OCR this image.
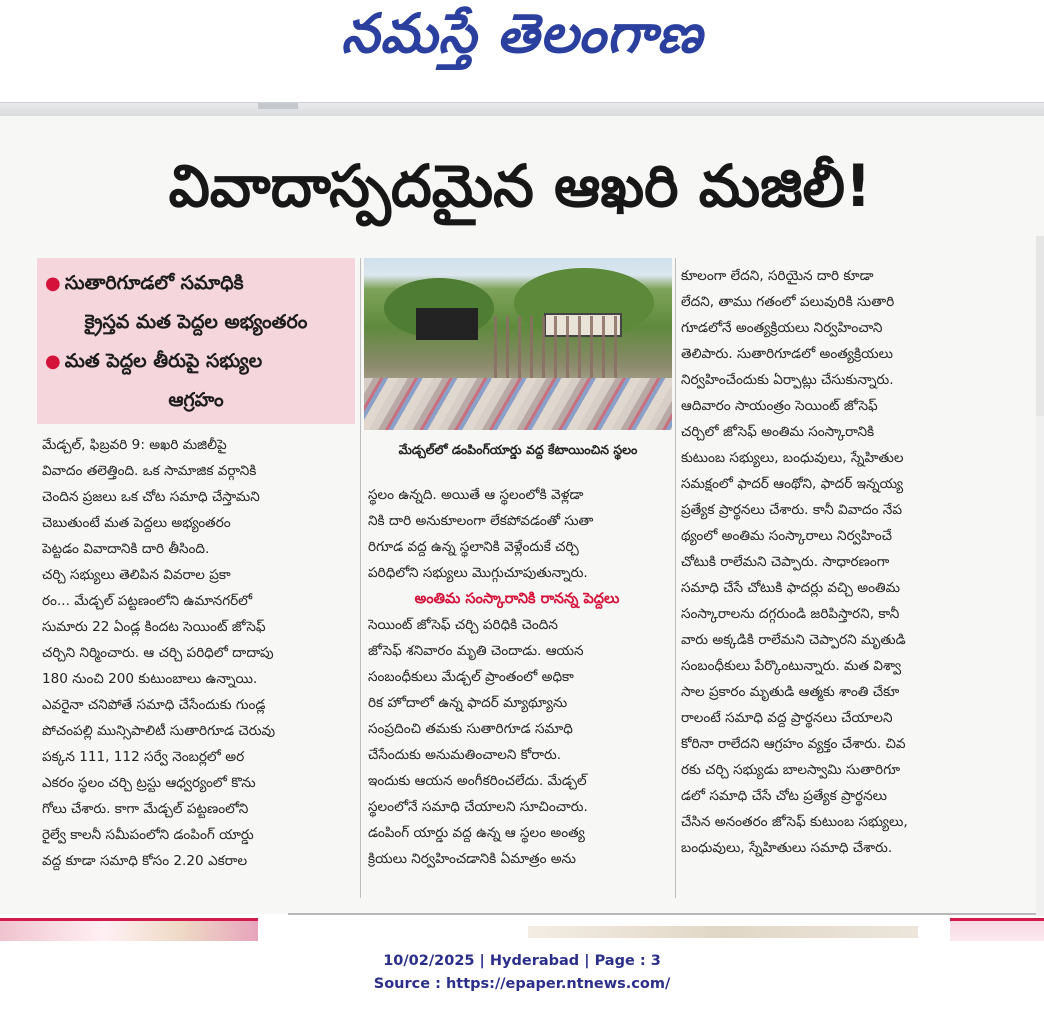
నమస్తే తెలంగాణ
వివాదాస్పదమైన ఆఖరి మజిలీ!
● సుతారిగూడలో సమాధికి
క్రైస్తవ మత పెద్దల అభ్యంతరం
● మత పెద్దల తీరుపై సభ్యుల
ఆగ్రహం
మేడ్చల్‌లో డంపింగ్‌యార్డు వద్ద కేటాయించిన స్థలం
మేడ్చల్, ఫిబ్రవరి 9: అఖరి మజిలీపై
వివాదం తలెత్తింది. ఒక సామాజిక వర్గానికి
చెందిన ప్రజలు ఒక చోట సమాధి చేస్తామని
చెబుతుంటే మత పెద్దలు అభ్యంతరం
పెట్టడం వివాదానికి దారి తీసింది.
చర్చి సభ్యులు తెలిపిన వివరాల ప్రకా
రం... మేడ్చల్ పట్టణంలోని ఉమానగర్‌లో
సుమారు 22 ఏండ్ల కిందట సెయింట్ జోసెఫ్
చర్చిని నిర్మించారు. ఆ చర్చి పరిధిలో దాదాపు
180 నుంచి 200 కుటుంబాలు ఉన్నాయి.
ఎవరైనా చనిపోతే సమాధి చేసేందుకు గుండ్ల
పోచంపల్లి మున్సిపాలిటీ సుతారిగూడ చెరువు
పక్కన 111, 112 సర్వే నెంబర్లలో అర
ఎకరం స్థలం చర్చి ట్రస్టు ఆధ్వర్యంలో కొను
గోలు చేశారు. కాగా మేడ్చల్ పట్టణంలోని
రైల్వే కాలనీ సమీపంలోని డంపింగ్ యార్డు
వద్ద కూడా సమాధి కోసం 2.20 ఎకరాల
స్థలం ఉన్నది. అయితే ఆ స్థలంలోకి వెళ్లడా
నికి దారి అనుకూలంగా లేకపోవడంతో సుతా
రిగూడ వద్ద ఉన్న స్థలానికి వెళ్లేందుకే చర్చి
పరిధిలోని సభ్యులు మొగ్గుచూపుతున్నారు.
అంతిమ సంస్కారానికి రానన్న పెద్దలు
సెయింట్ జోసెఫ్ చర్చి పరిధికి చెందిన
జోసెఫ్ శనివారం మృతి చెందాడు. ఆయన
సంబంధీకులు మేడ్చల్ ప్రాంతంలో అధికా
రిక హోదాలో ఉన్న ఫాదర్ మ్యాథ్యూను
సంప్రదించి తమకు సుతారిగూడ సమాధి
చేసేందుకు అనుమతించాలని కోరారు.
ఇందుకు ఆయన అంగీకరించలేదు. మేడ్చల్
స్థలంలోనే సమాధి చేయాలని సూచించారు.
డంపింగ్ యార్డు వద్ద ఉన్న ఆ స్థలం అంత్య
క్రియలు నిర్వహించడానికి ఏమాత్రం అను
కూలంగా లేదని, సరియైన దారి కూడా
లేదని, తాము గతంలో పలువురికి సుతారి
గూడలోనే అంత్యక్రియలు నిర్వహించాని
తెలిపారు. సుతారిగూడలో అంత్యక్రియలు
నిర్వహించేందుకు ఏర్పాట్లు చేసుకున్నారు.
ఆదివారం సాయంత్రం సెయింట్ జోసెఫ్
చర్చిలో జోసెఫ్ అంతిమ సంస్కారానికి
కుటుంబ సభ్యులు, బంధువులు, స్నేహితుల
సమక్షంలో ఫాదర్ ఆంథోని, ఫాదర్ ఇన్నయ్య
ప్రత్యేక ప్రార్థనలు చేశారు. కానీ వివాదం నేప
థ్యంలో అంతిమ సంస్కారాలు నిర్వహించే
చోటుకి రాలేమని చెప్పారు. సాధారణంగా
సమాధి చేసే చోటుకి ఫాదర్లు వచ్చి అంతిమ
సంస్కారాలను దగ్గరుండి జరిపిస్తారని, కానీ
వారు అక్కడికి రాలేమని చెప్పారని మృతుడి
సంబంధీకులు పేర్కొంటున్నారు. మత విశ్వా
సాల ప్రకారం మృతుడి ఆత్మకు శాంతి చేకూ
రాలంటే సమాధి వద్ద ప్రార్థనలు చేయాలని
కోరినా రాలేదని ఆగ్రహం వ్యక్తం చేశారు. చివ
రకు చర్చి సభ్యుడు బాలస్వామి సుతారిగూ
డలో సమాధి చేసే చోట ప్రత్యేక ప్రార్థనలు
చేసిన అనంతరం జోసెఫ్ కుటుంబ సభ్యులు,
బంధువులు, స్నేహితులు సమాధి చేశారు.
10/02/2025 | Hyderabad | Page : 3
Source : https://epaper.ntnews.com/
